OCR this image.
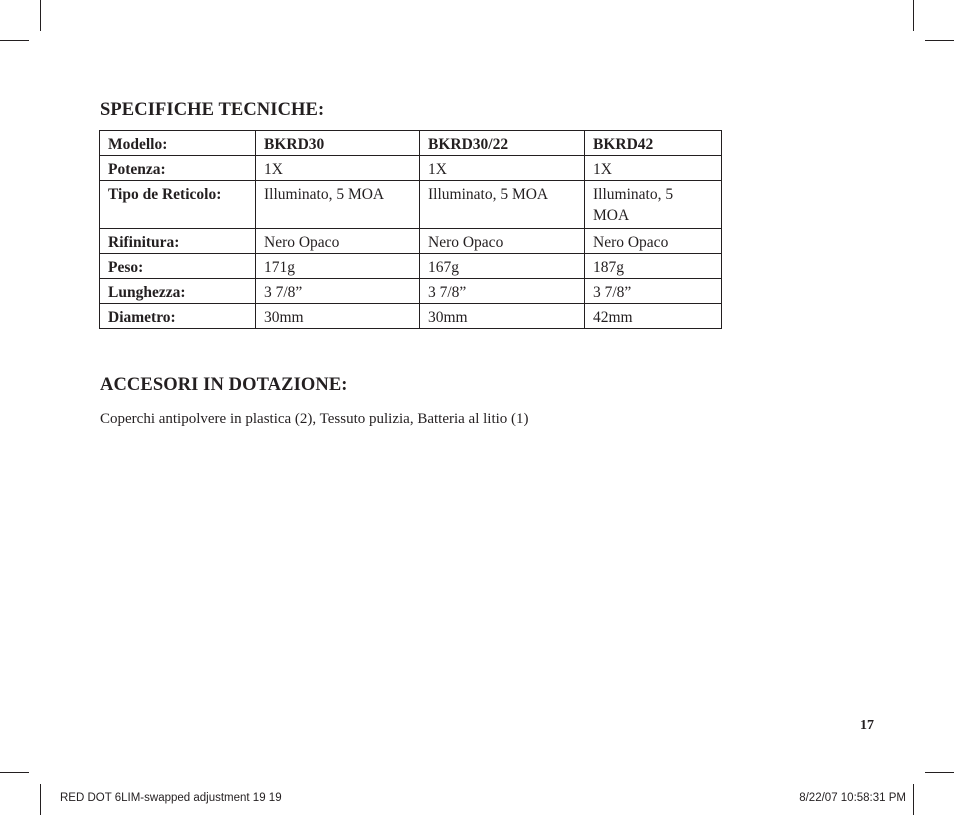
SPECIFICHE TECNICHE:
Modello:	BKRD30	BKRD30/22	BKRD42
Potenza:	1X	1X	1X
Tipo de Reticolo:	Illuminato, 5 MOA	Illuminato, 5 MOA	Illuminato, 5 MOA
Rifinitura:	Nero Opaco	Nero Opaco	Nero Opaco
Peso:	171g	167g	187g
Lunghezza:	3 7/8”	3 7/8”	3 7/8”
Diametro:	30mm	30mm	42mm
ACCESORI IN DOTAZIONE:

Coperchi antipolvere in plastica (2), Tessuto pulizia, Batteria al litio (1)

17
RED DOT 6LIM-swapped adjustment 19 19	8/22/07 10:58:31 PM
